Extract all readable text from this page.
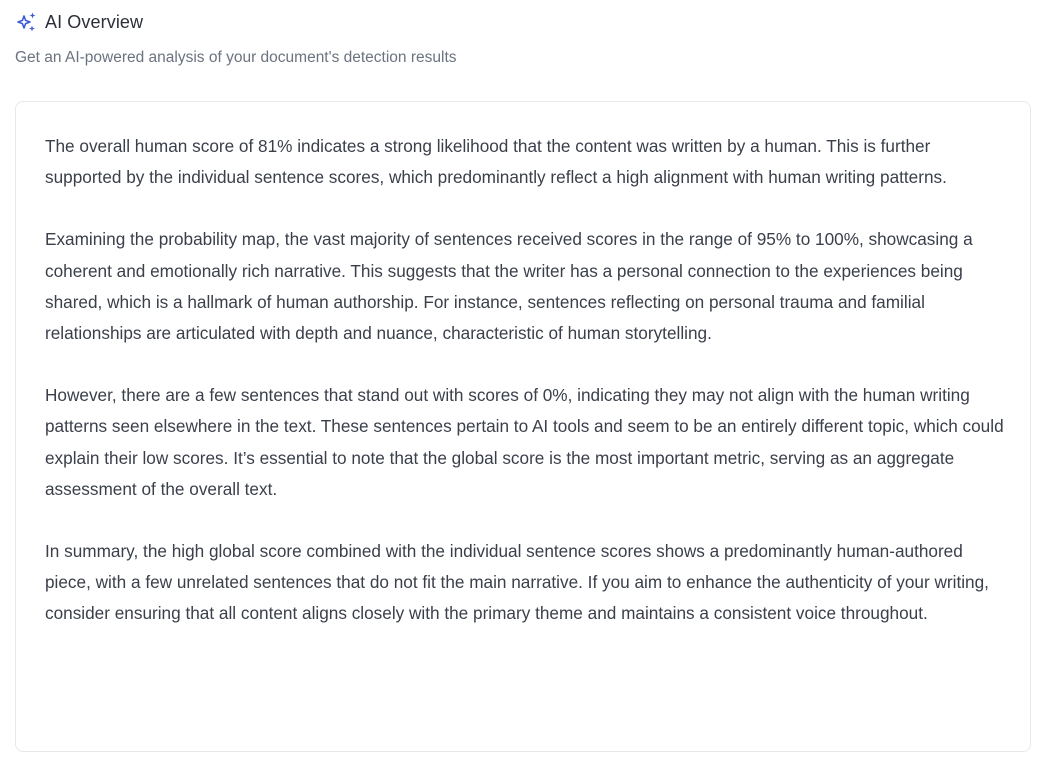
AI Overview
Get an AI-powered analysis of your document's detection results

The overall human score of 81% indicates a strong likelihood that the content was written by a human. This is further supported by the individual sentence scores, which predominantly reflect a high alignment with human writing patterns.

Examining the probability map, the vast majority of sentences received scores in the range of 95% to 100%, showcasing a coherent and emotionally rich narrative. This suggests that the writer has a personal connection to the experiences being shared, which is a hallmark of human authorship. For instance, sentences reflecting on personal trauma and familial relationships are articulated with depth and nuance, characteristic of human storytelling.

However, there are a few sentences that stand out with scores of 0%, indicating they may not align with the human writing patterns seen elsewhere in the text. These sentences pertain to AI tools and seem to be an entirely different topic, which could explain their low scores. It’s essential to note that the global score is the most important metric, serving as an aggregate assessment of the overall text.

In summary, the high global score combined with the individual sentence scores shows a predominantly human-authored piece, with a few unrelated sentences that do not fit the main narrative. If you aim to enhance the authenticity of your writing, consider ensuring that all content aligns closely with the primary theme and maintains a consistent voice throughout.
